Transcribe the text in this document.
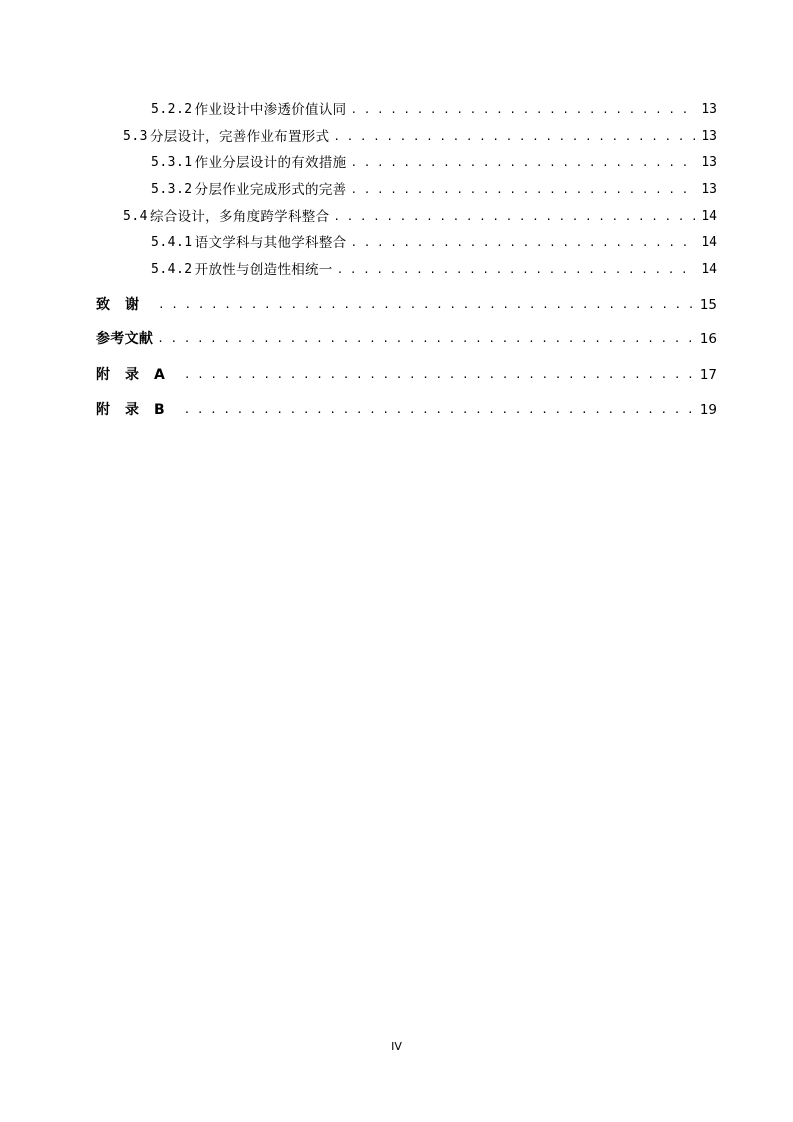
5.2.2 作业设计中渗透价值认同 . . .	13
5.3 分层设计，完善作业布置形式 . . .	13
5.3.1 作业分层设计的有效措施 . . .	13
5.3.2 分层作业完成形式的完善 . . .	13
5.4 综合设计，多角度跨学科整合 . . .	14
5.4.1 语文学科与其他学科整合 . . .	14
5.4.2 开放性与创造性相统一 . . .	14
致谢 . . .	15
参考文献 . . .	16
附录A . . .	17
附录B . . .	19
IV
